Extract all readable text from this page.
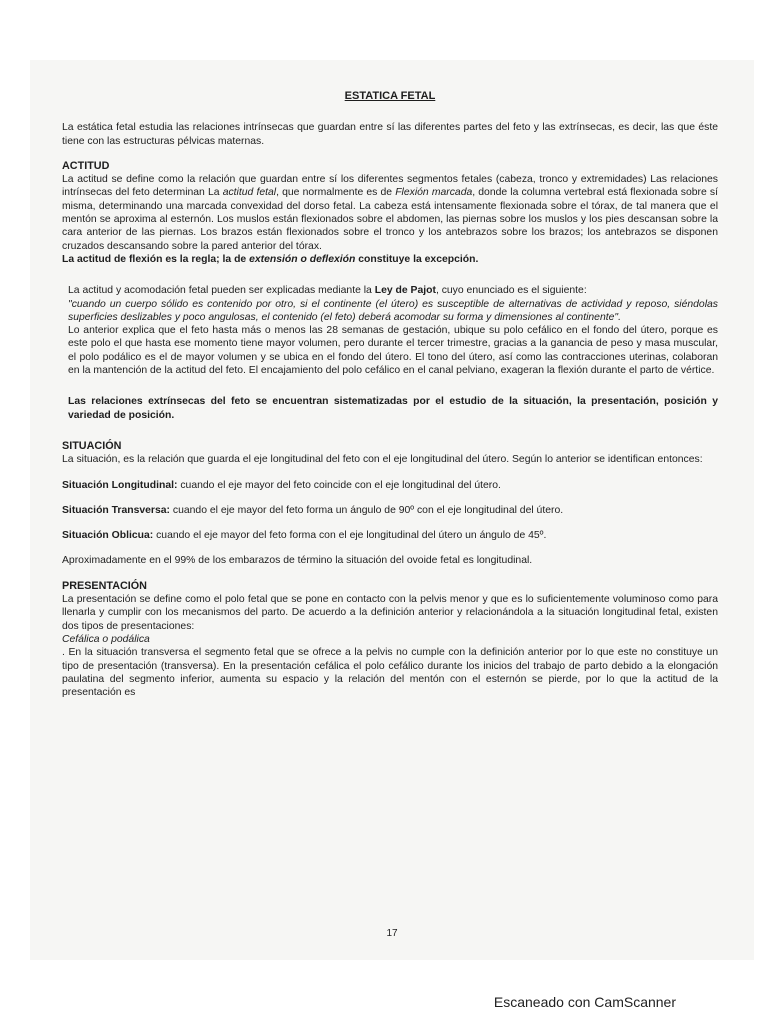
ESTATICA FETAL

La estática fetal estudia las relaciones intrínsecas que guardan entre sí las diferentes partes del feto y las extrínsecas, es decir, las que éste tiene con las estructuras pélvicas maternas.

ACTITUD

La actitud se define como la relación que guardan entre sí los diferentes segmentos fetales (cabeza, tronco y extremidades) Las relaciones intrínsecas del feto determinan La actitud fetal, que normalmente es de Flexión marcada, donde la columna vertebral está flexionada sobre sí misma, determinando una marcada convexidad del dorso fetal. La cabeza está intensamente flexionada sobre el tórax, de tal manera que el mentón se aproxima al esternón. Los muslos están flexionados sobre el abdomen, las piernas sobre los muslos y los pies descansan sobre la cara anterior de las piernas. Los brazos están flexionados sobre el tronco y los antebrazos sobre los brazos; los antebrazos se disponen cruzados descansando sobre la pared anterior del tórax.

La actitud de flexión es la regla; la de extensión o deflexión constituye la excepción.

La actitud y acomodación fetal pueden ser explicadas mediante la Ley de Pajot, cuyo enunciado es el siguiente:

"cuando un cuerpo sólido es contenido por otro, si el continente (el útero) es susceptible de alternativas de actividad y reposo, siéndolas superficies deslizables y poco angulosas, el contenido (el feto) deberá acomodar su forma y dimensiones al continente".

Lo anterior explica que el feto hasta más o menos las 28 semanas de gestación, ubique su polo cefálico en el fondo del útero, porque es este polo el que hasta ese momento tiene mayor volumen, pero durante el tercer trimestre, gracias a la ganancia de peso y masa muscular, el polo podálico es el de mayor volumen y se ubica en el fondo del útero. El tono del útero, así como las contracciones uterinas, colaboran en la mantención de la actitud del feto. El encajamiento del polo cefálico en el canal pelviano, exageran la flexión durante el parto de vértice.

Las relaciones extrínsecas del feto se encuentran sistematizadas por el estudio de la situación, la presentación, posición y variedad de posición.

SITUACIÓN

La situación, es la relación que guarda el eje longitudinal del feto con el eje longitudinal del útero. Según lo anterior se identifican entonces:

Situación Longitudinal: cuando el eje mayor del feto coincide con el eje longitudinal del útero.

Situación Transversa: cuando el eje mayor del feto forma un ángulo de 90º con el eje longitudinal del útero.

Situación Oblicua: cuando el eje mayor del feto forma con el eje longitudinal del útero un ángulo de 45º.

Aproximadamente en el 99% de los embarazos de término la situación del ovoide fetal es longitudinal.

PRESENTACIÓN

La presentación se define como el polo fetal que se pone en contacto con la pelvis menor y que es lo suficientemente voluminoso como para llenarla y cumplir con los mecanismos del parto. De acuerdo a la definición anterior y relacionándola a la situación longitudinal fetal, existen dos tipos de presentaciones:

Cefálica o podálica

. En la situación transversa el segmento fetal que se ofrece a la pelvis no cumple con la definición anterior por lo que este no constituye un tipo de presentación (transversa). En la presentación cefálica el polo cefálico durante los inicios del trabajo de parto debido a la elongación paulatina del segmento inferior, aumenta su espacio y la relación del mentón con el esternón se pierde, por lo que la actitud de la presentación es

17
Escaneado con CamScanner
